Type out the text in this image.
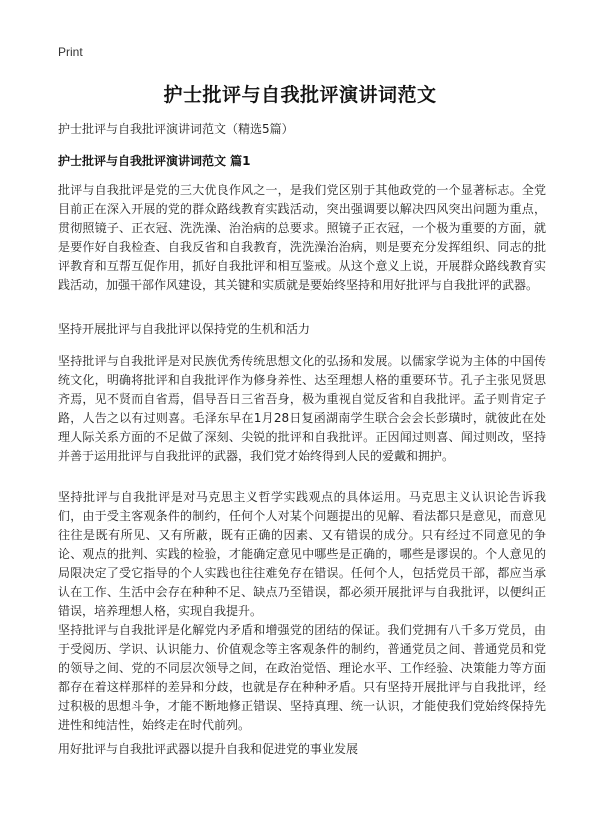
Print
护士批评与自我批评演讲词范文
护士批评与自我批评演讲词范文（精选5篇）
护士批评与自我批评演讲词范文 篇1

批评与自我批评是党的三大优良作风之一，是我们党区别于其他政党的一个显著标志。全党目前正在深入开展的党的群众路线教育实践活动，突出强调要以解决四风突出问题为重点，贯彻照镜子、正衣冠、洗洗澡、治治病的总要求。照镜子正衣冠，一个极为重要的方面，就是要作好自我检查、自我反省和自我教育，洗洗澡治治病，则是要充分发挥组织、同志的批评教育和互帮互促作用，抓好自我批评和相互鉴戒。从这个意义上说，开展群众路线教育实践活动，加强干部作风建设，其关键和实质就是要始终坚持和用好批评与自我批评的武器。

坚持开展批评与自我批评以保持党的生机和活力

坚持批评与自我批评是对民族优秀传统思想文化的弘扬和发展。以儒家学说为主体的中国传统文化，明确将批评和自我批评作为修身养性、达至理想人格的重要环节。孔子主张见贤思齐焉，见不贤而自省焉，倡导吾日三省吾身，极为重视自觉反省和自我批评。孟子则肯定子路，人告之以有过则喜。毛泽东早在1月28日复函湖南学生联合会会长彭璜时，就彼此在处理人际关系方面的不足做了深刻、尖锐的批评和自我批评。正因闻过则喜、闻过则改，坚持并善于运用批评与自我批评的武器，我们党才始终得到人民的爱戴和拥护。

坚持批评与自我批评是对马克思主义哲学实践观点的具体运用。马克思主义认识论告诉我们，由于受主客观条件的制约，任何个人对某个问题提出的见解、看法都只是意见，而意见往往是既有所见、又有所蔽，既有正确的因素、又有错误的成分。只有经过不同意见的争论、观点的批判、实践的检验，才能确定意见中哪些是正确的，哪些是谬误的。个人意见的局限决定了受它指导的个人实践也往往难免存在错误。任何个人，包括党员干部，都应当承认在工作、生活中会存在种种不足、缺点乃至错误，都必须开展批评与自我批评，以便纠正错误，培养理想人格，实现自我提升。

坚持批评与自我批评是化解党内矛盾和增强党的团结的保证。我们党拥有八千多万党员，由于受阅历、学识、认识能力、价值观念等主客观条件的制约，普通党员之间、普通党员和党的领导之间、党的不同层次领导之间，在政治觉悟、理论水平、工作经验、决策能力等方面都存在着这样那样的差异和分歧，也就是存在种种矛盾。只有坚持开展批评与自我批评，经过积极的思想斗争，才能不断地修正错误、坚持真理、统一认识，才能使我们党始终保持先进性和纯洁性，始终走在时代前列。

用好批评与自我批评武器以提升自我和促进党的事业发展
